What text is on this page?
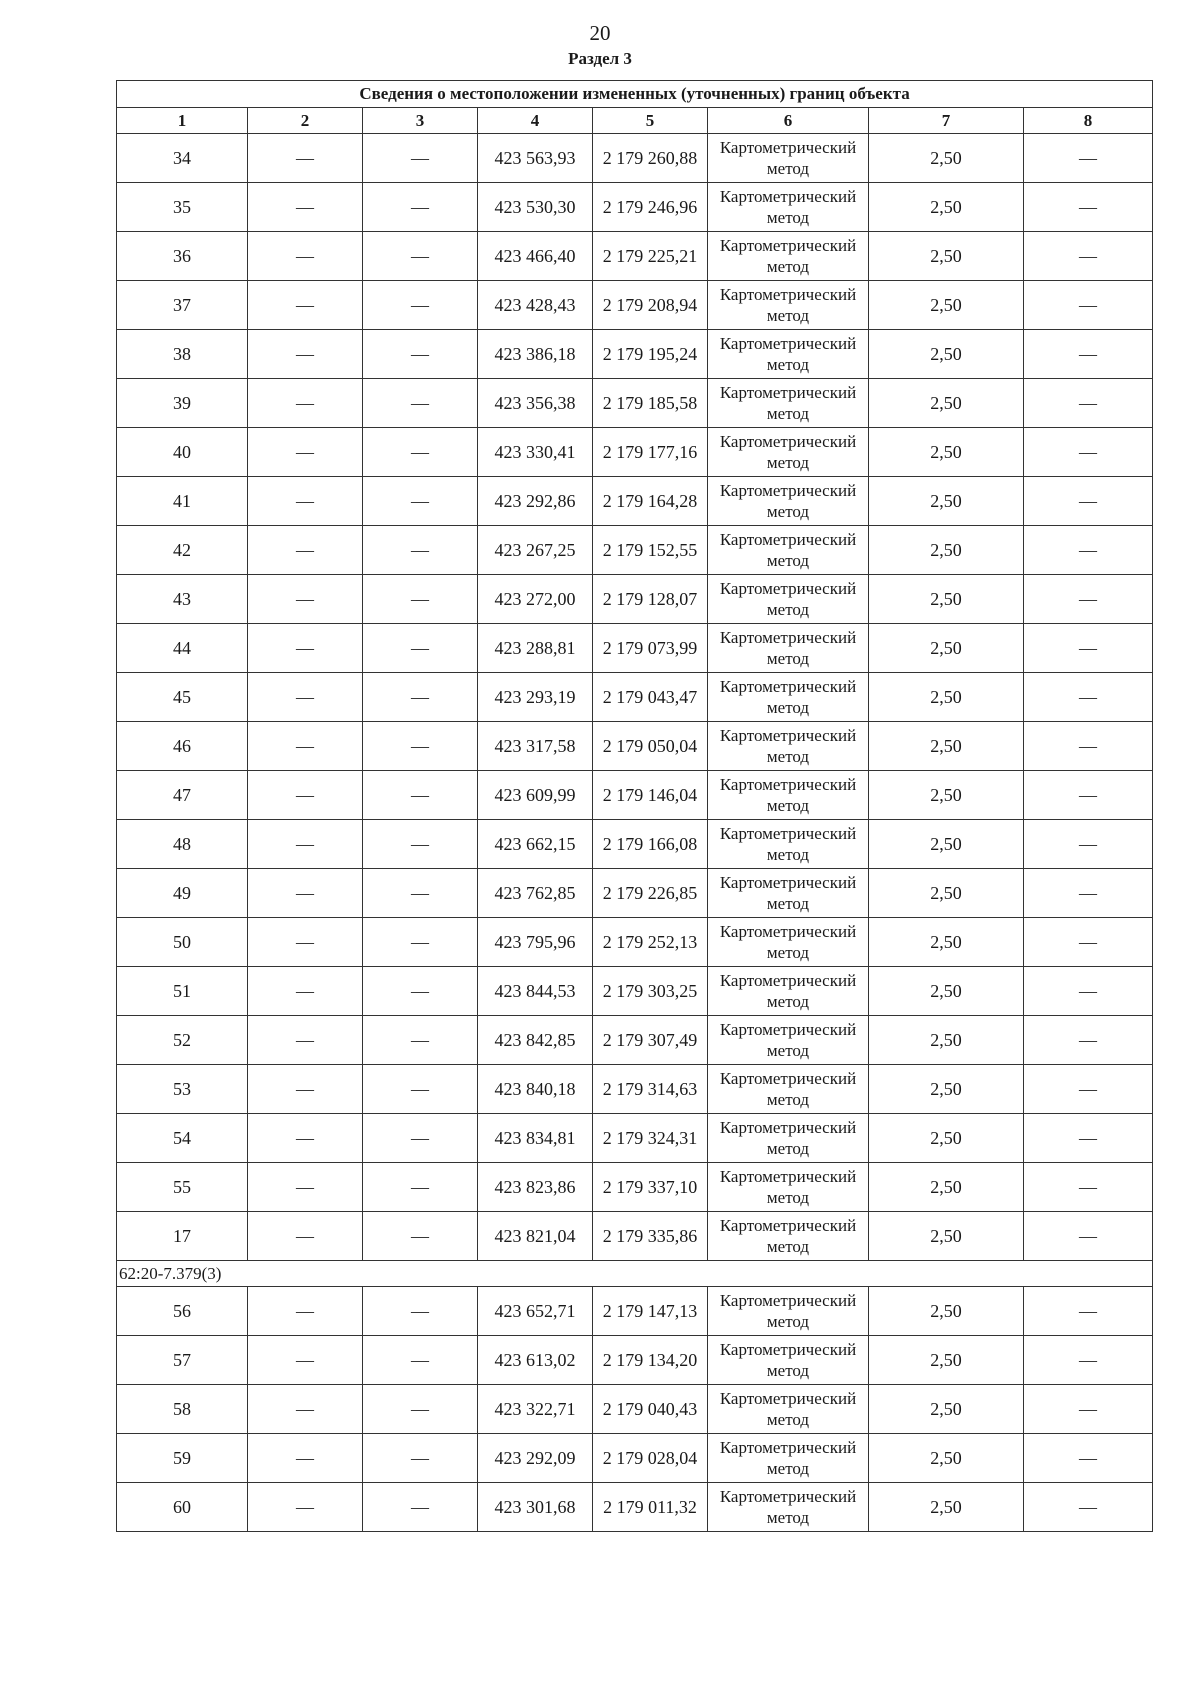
20
Раздел 3
Сведения о местоположении измененных (уточненных) границ объекта							
1	2	3	4	5	6	7	8
34	—	—	423 563,93	2 179 260,88	Картометрический метод	2,50	—
35	—	—	423 530,30	2 179 246,96	Картометрический метод	2,50	—
36	—	—	423 466,40	2 179 225,21	Картометрический метод	2,50	—
37	—	—	423 428,43	2 179 208,94	Картометрический метод	2,50	—
38	—	—	423 386,18	2 179 195,24	Картометрический метод	2,50	—
39	—	—	423 356,38	2 179 185,58	Картометрический метод	2,50	—
40	—	—	423 330,41	2 179 177,16	Картометрический метод	2,50	—
41	—	—	423 292,86	2 179 164,28	Картометрический метод	2,50	—
42	—	—	423 267,25	2 179 152,55	Картометрический метод	2,50	—
43	—	—	423 272,00	2 179 128,07	Картометрический метод	2,50	—
44	—	—	423 288,81	2 179 073,99	Картометрический метод	2,50	—
45	—	—	423 293,19	2 179 043,47	Картометрический метод	2,50	—
46	—	—	423 317,58	2 179 050,04	Картометрический метод	2,50	—
47	—	—	423 609,99	2 179 146,04	Картометрический метод	2,50	—
48	—	—	423 662,15	2 179 166,08	Картометрический метод	2,50	—
49	—	—	423 762,85	2 179 226,85	Картометрический метод	2,50	—
50	—	—	423 795,96	2 179 252,13	Картометрический метод	2,50	—
51	—	—	423 844,53	2 179 303,25	Картометрический метод	2,50	—
52	—	—	423 842,85	2 179 307,49	Картометрический метод	2,50	—
53	—	—	423 840,18	2 179 314,63	Картометрический метод	2,50	—
54	—	—	423 834,81	2 179 324,31	Картометрический метод	2,50	—
55	—	—	423 823,86	2 179 337,10	Картометрический метод	2,50	—
17	—	—	423 821,04	2 179 335,86	Картометрический метод	2,50	—
62:20-7.379(3)							
56	—	—	423 652,71	2 179 147,13	Картометрический метод	2,50	—
57	—	—	423 613,02	2 179 134,20	Картометрический метод	2,50	—
58	—	—	423 322,71	2 179 040,43	Картометрический метод	2,50	—
59	—	—	423 292,09	2 179 028,04	Картометрический метод	2,50	—
60	—	—	423 301,68	2 179 011,32	Картометрический метод	2,50	—
